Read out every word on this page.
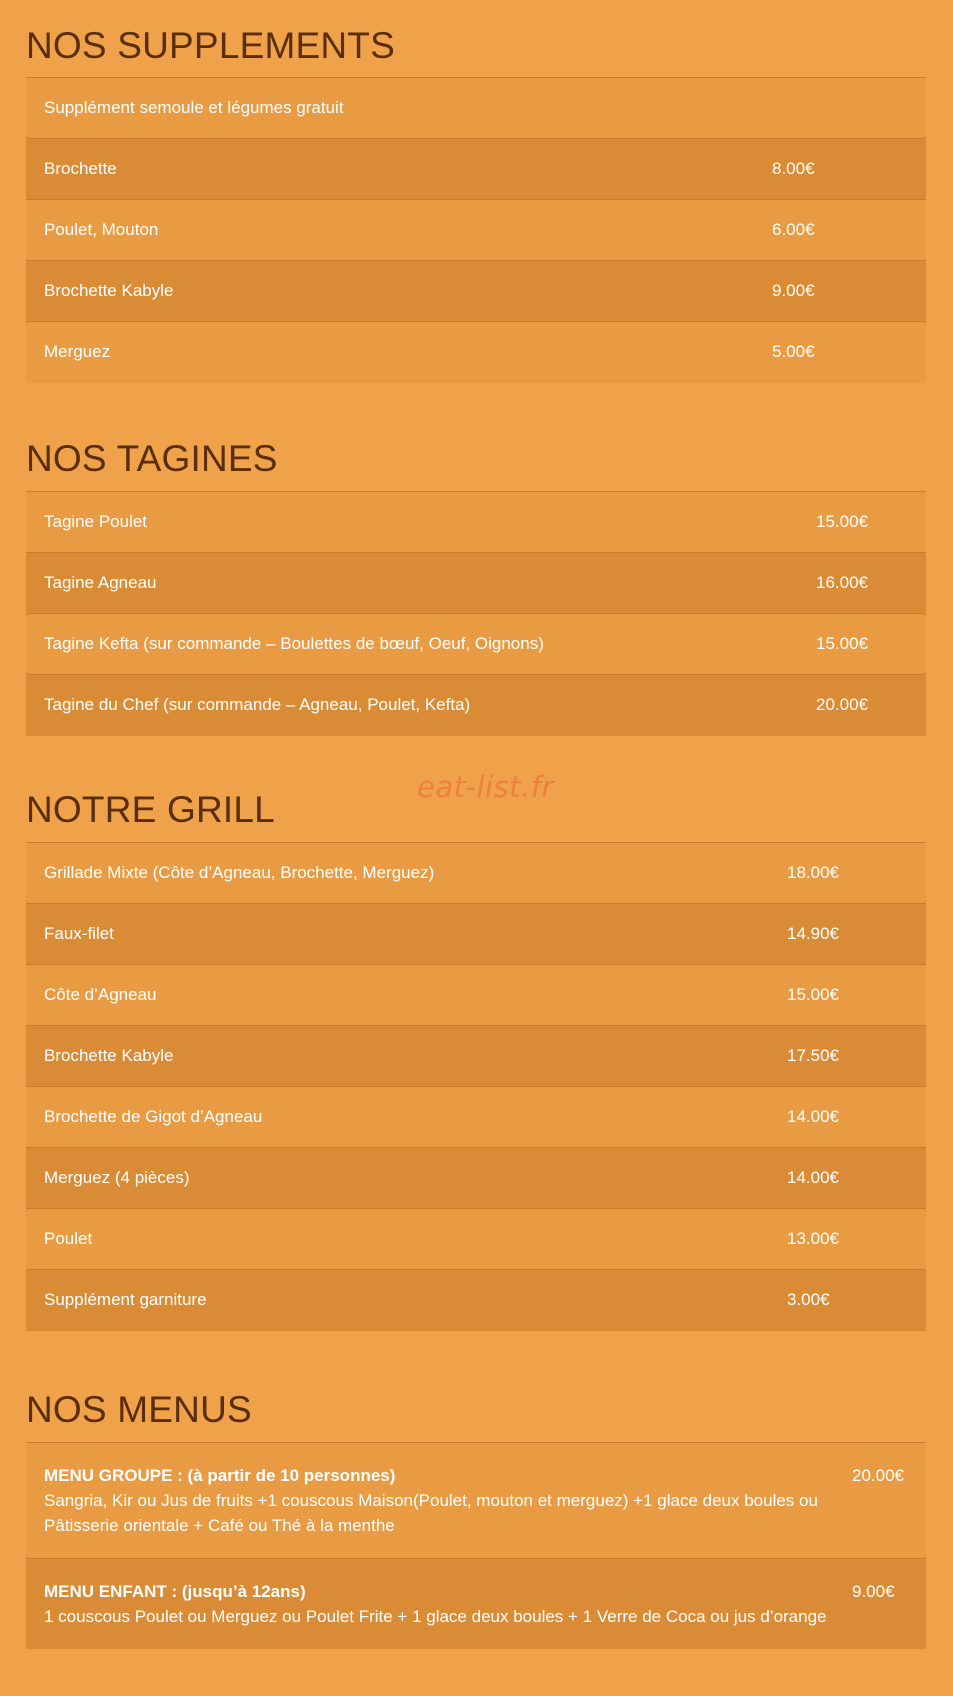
NOS SUPPLEMENTS
Supplément semoule et légumes gratuit	
Brochette	8.00€
Poulet, Mouton	6.00€
Brochette Kabyle	9.00€
Merguez	5.00€
NOS TAGINES
Tagine Poulet	15.00€
Tagine Agneau	16.00€
Tagine Kefta (sur commande – Boulettes de bœuf, Oeuf, Oignons)	15.00€
Tagine du Chef (sur commande – Agneau, Poulet, Kefta)	20.00€
NOTRE GRILL
Grillade Mixte (Côte d’Agneau, Brochette, Merguez)	18.00€
Faux-filet	14.90€
Côte d’Agneau	15.00€
Brochette Kabyle	17.50€
Brochette de Gigot d’Agneau	14.00€
Merguez (4 pièces)	14.00€
Poulet	13.00€
Supplément garniture	3.00€
NOS MENUS
MENU GROUPE : (à partir de 10 personnes)
Sangria, Kir ou Jus de fruits +1 couscous Maison(Poulet, mouton et merguez) +1 glace deux boules ou Pâtisserie orientale + Café ou Thé à la menthe	20.00€

MENU ENFANT : (jusqu’à 12ans)
1 couscous Poulet ou Merguez ou Poulet Frite + 1 glace deux boules + 1 Verre de Coca ou jus d’orange	9.00€
eat-list.fr
